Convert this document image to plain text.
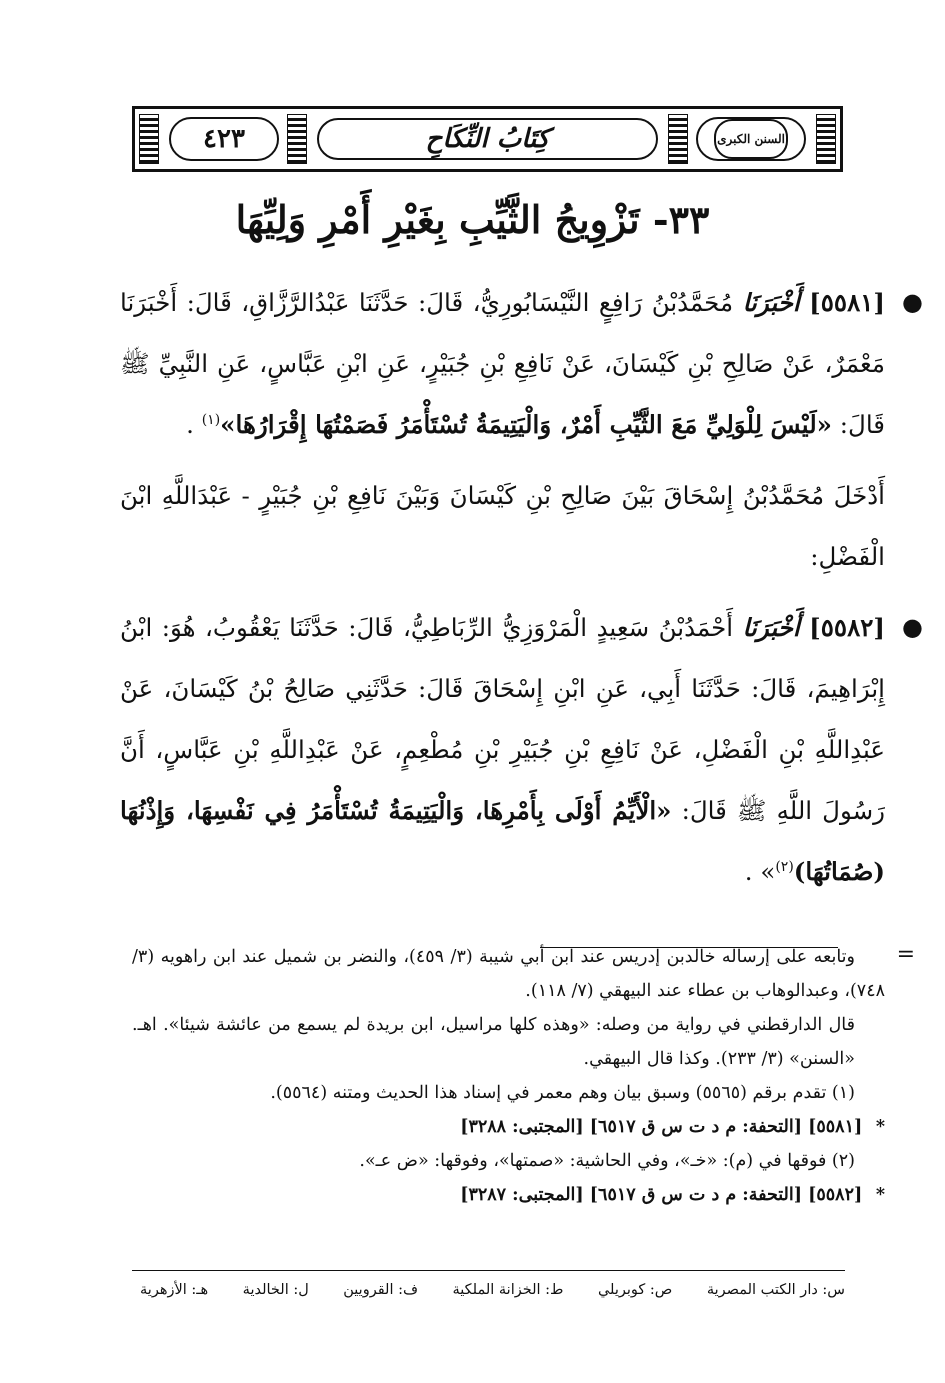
السنن الكبرى
كِتَابُ النِّكَاحِ
٤٢٣
٣٣- تَزْوِيجُ الثَّيِّبِ بِغَيْرِ أَمْرِ وَلِيِّهَا

●
[٥٥٨١] أَخْبَرَنَا مُحَمَّدُبْنُ رَافِعٍ النَّيْسَابُورِيُّ، قَالَ: حَدَّثَنَا عَبْدُالرَّزَّاقِ، قَالَ: أَخْبَرَنَا مَعْمَرٌ، عَنْ صَالِحِ بْنِ كَيْسَانَ، عَنْ نَافِعِ بْنِ جُبَيْرٍ، عَنِ ابْنِ عَبَّاسٍ، عَنِ النَّبِيِّ ﷺ قَالَ: «لَيْسَ لِلْوَلِيِّ مَعَ الثَّيِّبِ أَمْرٌ، وَالْيَتِيمَةُ تُسْتَأْمَرُ فَصَمْتُهَا إِقْرَارُهَا»$^{(١)}$ .

أَدْخَلَ مُحَمَّدُبْنُ إِسْحَاقَ بَيْنَ صَالِحِ بْنِ كَيْسَانَ وَبَيْنَ نَافِعِ بْنِ جُبَيْرٍ - عَبْدَاللَّهِ ابْنَ الْفَضْلِ:

●
[٥٥٨٢] أَخْبَرَنَا أَحْمَدُبْنُ سَعِيدٍ الْمَرْوَزِيُّ الرِّبَاطِيُّ، قَالَ: حَدَّثَنَا يَعْقُوبُ، هُوَ: ابْنُ إِبْرَاهِيمَ، قَالَ: حَدَّثَنَا أَبِي، عَنِ ابْنِ إِسْحَاقَ قَالَ: حَدَّثَنِي صَالِحُ بْنُ كَيْسَانَ، عَنْ عَبْدِاللَّهِ بْنِ الْفَضْلِ، عَنْ نَافِعِ بْنِ جُبَيْرِ بْنِ مُطْعِمٍ، عَنْ عَبْدِاللَّهِ بْنِ عَبَّاسٍ، أَنَّ رَسُولَ اللَّهِ ﷺ قَالَ: «الْأَيِّمُ أَوْلَى بِأَمْرِهَا، وَالْيَتِيمَةُ تُسْتَأْمَرُ فِي نَفْسِهَا، وَإِذْنُهَا (صُمَاتُهَا)$^{(٢)}$» .

=
وتابعه على إرساله خالدبن إدريس عند ابن أبي شيبة (٣/ ٤٥٩)، والنضر بن شميل عند ابن راهويه (٣/ ٧٤٨)، وعبدالوهاب بن عطاء عند البيهقي (٧/ ١١٨).

قال الدارقطني في رواية من وصله: «وهذه كلها مراسيل، ابن بريدة لم يسمع من عائشة شيئا». اهـ. «السنن» (٣/ ٢٣٣). وكذا قال البيهقي.

(١) تقدم برقم (٥٥٦٥) وسبق بيان وهم معمر في إسناد هذا الحديث ومتنه (٥٥٦٤).

* [٥٥٨١] [التحفة: م د ت س ق ٦٥١٧] [المجتبى: ٣٢٨٨]

(٢) فوقها في (م): «خـ»، وفي الحاشية: «صمتها»، وفوقها: «ض عـ».

* [٥٥٨٢] [التحفة: م د ت س ق ٦٥١٧] [المجتبى: ٣٢٨٧]

س: دار الكتب المصرية
ص: كوبريلي
ط: الخزانة الملكية
ف: القرويين
ل: الخالدية
هـ: الأزهرية
